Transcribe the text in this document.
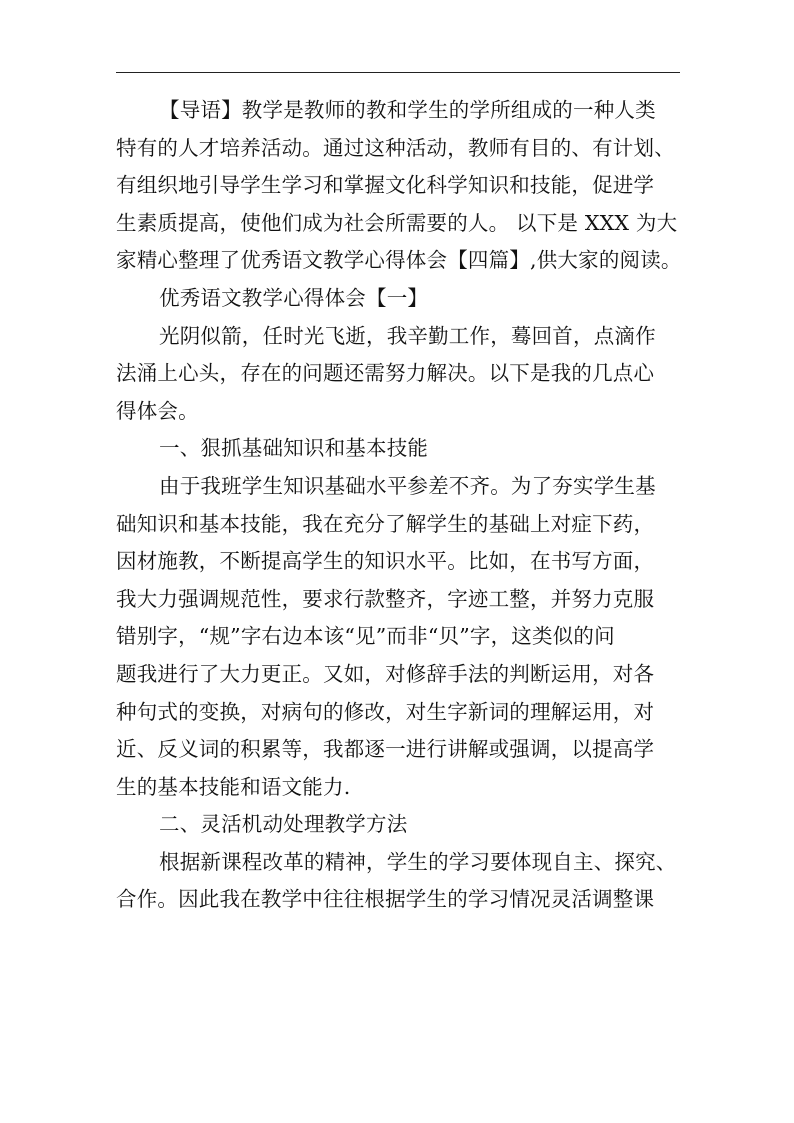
【导语】教学是教师的教和学生的学所组成的一种人类
特有的人才培养活动。通过这种活动，教师有目的、有计划、
有组织地引导学生学习和掌握文化科学知识和技能，促进学
生素质提高，使他们成为社会所需要的人。 以下是 XXX 为大
家精心整理了优秀语文教学心得体会【四篇】,供大家的阅读。
优秀语文教学心得体会【一】
光阴似箭，任时光飞逝，我辛勤工作，蓦回首，点滴作
法涌上心头，存在的问题还需努力解决。以下是我的几点心
得体会。
一、狠抓基础知识和基本技能
由于我班学生知识基础水平参差不齐。为了夯实学生基
础知识和基本技能，我在充分了解学生的基础上对症下药，
因材施教，不断提高学生的知识水平。比如，在书写方面，
我大力强调规范性，要求行款整齐，字迹工整，并努力克服
错别字，“规”字右边本该“见”而非“贝”字，这类似的问
题我进行了大力更正。又如，对修辞手法的判断运用，对各
种句式的变换，对病句的修改，对生字新词的理解运用，对
近、反义词的积累等，我都逐一进行讲解或强调，以提高学
生的基本技能和语文能力.
二、灵活机动处理教学方法
根据新课程改革的精神，学生的学习要体现自主、探究、
合作。因此我在教学中往往根据学生的学习情况灵活调整课
